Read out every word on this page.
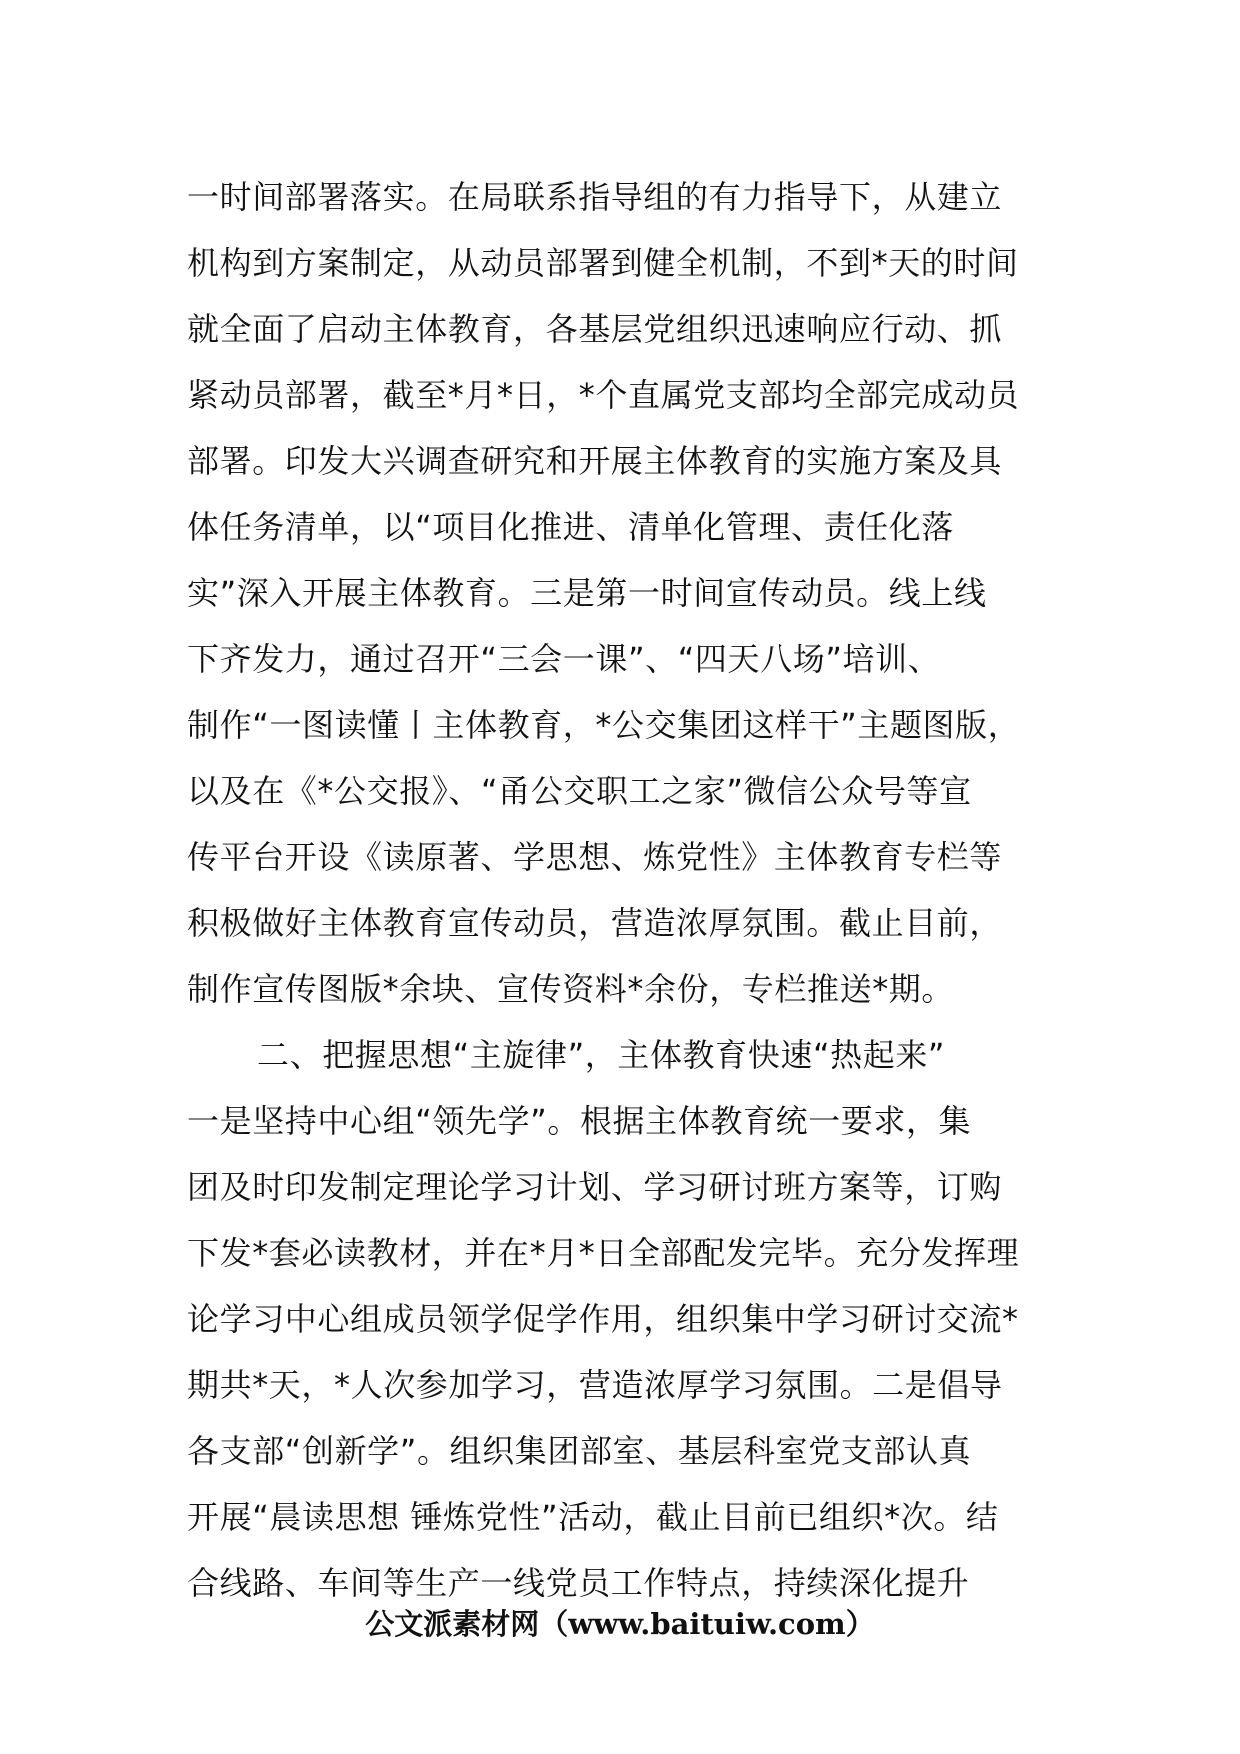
一时间部署落实。在局联系指导组的有力指导下，从建立
机构到方案制定，从动员部署到健全机制，不到*天的时间
就全面了启动主体教育，各基层党组织迅速响应行动、抓
紧动员部署，截至*月*日，*个直属党支部均全部完成动员
部署。印发大兴调查研究和开展主体教育的实施方案及具
体任务清单，以“项目化推进、清单化管理、责任化落
实”深入开展主体教育。三是第一时间宣传动员。线上线
下齐发力，通过召开“三会一课”、“四天八场”培训、
制作“一图读懂丨主体教育，*公交集团这样干”主题图版，
以及在《*公交报》、“甬公交职工之家”微信公众号等宣
传平台开设《读原著、学思想、炼党性》主体教育专栏等
积极做好主体教育宣传动员，营造浓厚氛围。截止目前，
制作宣传图版*余块、宣传资料*余份，专栏推送*期。
二、把握思想“主旋律”，主体教育快速“热起来”
一是坚持中心组“领先学”。根据主体教育统一要求，集
团及时印发制定理论学习计划、学习研讨班方案等，订购
下发*套必读教材，并在*月*日全部配发完毕。充分发挥理
论学习中心组成员领学促学作用，组织集中学习研讨交流*
期共*天，*人次参加学习，营造浓厚学习氛围。二是倡导
各支部“创新学”。组织集团部室、基层科室党支部认真
开展“晨读思想 锤炼党性”活动，截止目前已组织*次。结
合线路、车间等生产一线党员工作特点，持续深化提升
公文派素材网（www.baituiw.com）
